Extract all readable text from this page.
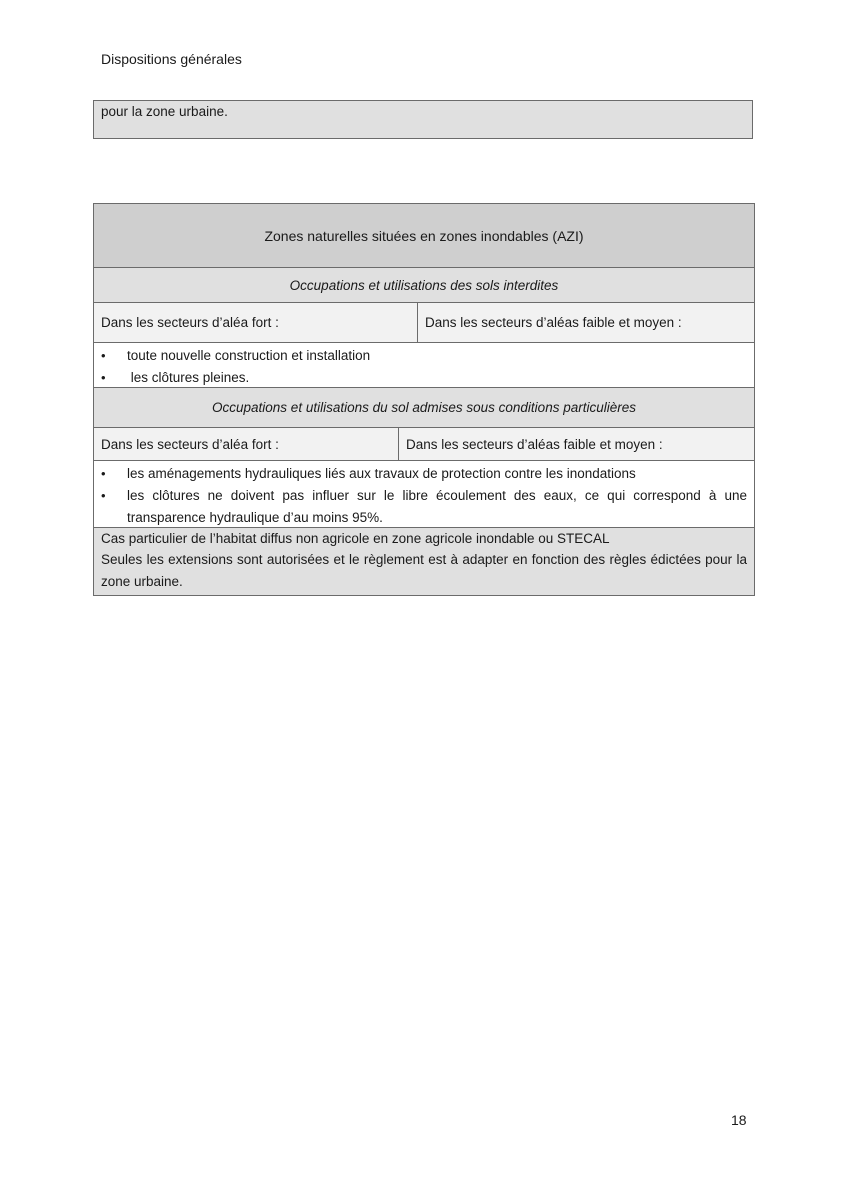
Dispositions générales
pour la zone urbaine.
Zones naturelles situées en zones inondables (AZI)
Occupations et utilisations des sols interdites
Dans les secteurs d’aléa fort :	Dans les secteurs d’aléas faible et moyen :
• toute nouvelle construction et installation
• les clôtures pleines.
Occupations et utilisations du sol admises sous conditions particulières
Dans les secteurs d’aléa fort :	Dans les secteurs d’aléas faible et moyen :
• les aménagements hydrauliques liés aux travaux de protection contre les inondations
• les clôtures ne doivent pas influer sur le libre écoulement des eaux, ce qui correspond à une transparence hydraulique d’au moins 95%.
Cas particulier de l’habitat diffus non agricole en zone agricole inondable ou STECAL
Seules les extensions sont autorisées et le règlement est à adapter en fonction des règles édictées pour la zone urbaine.
18
